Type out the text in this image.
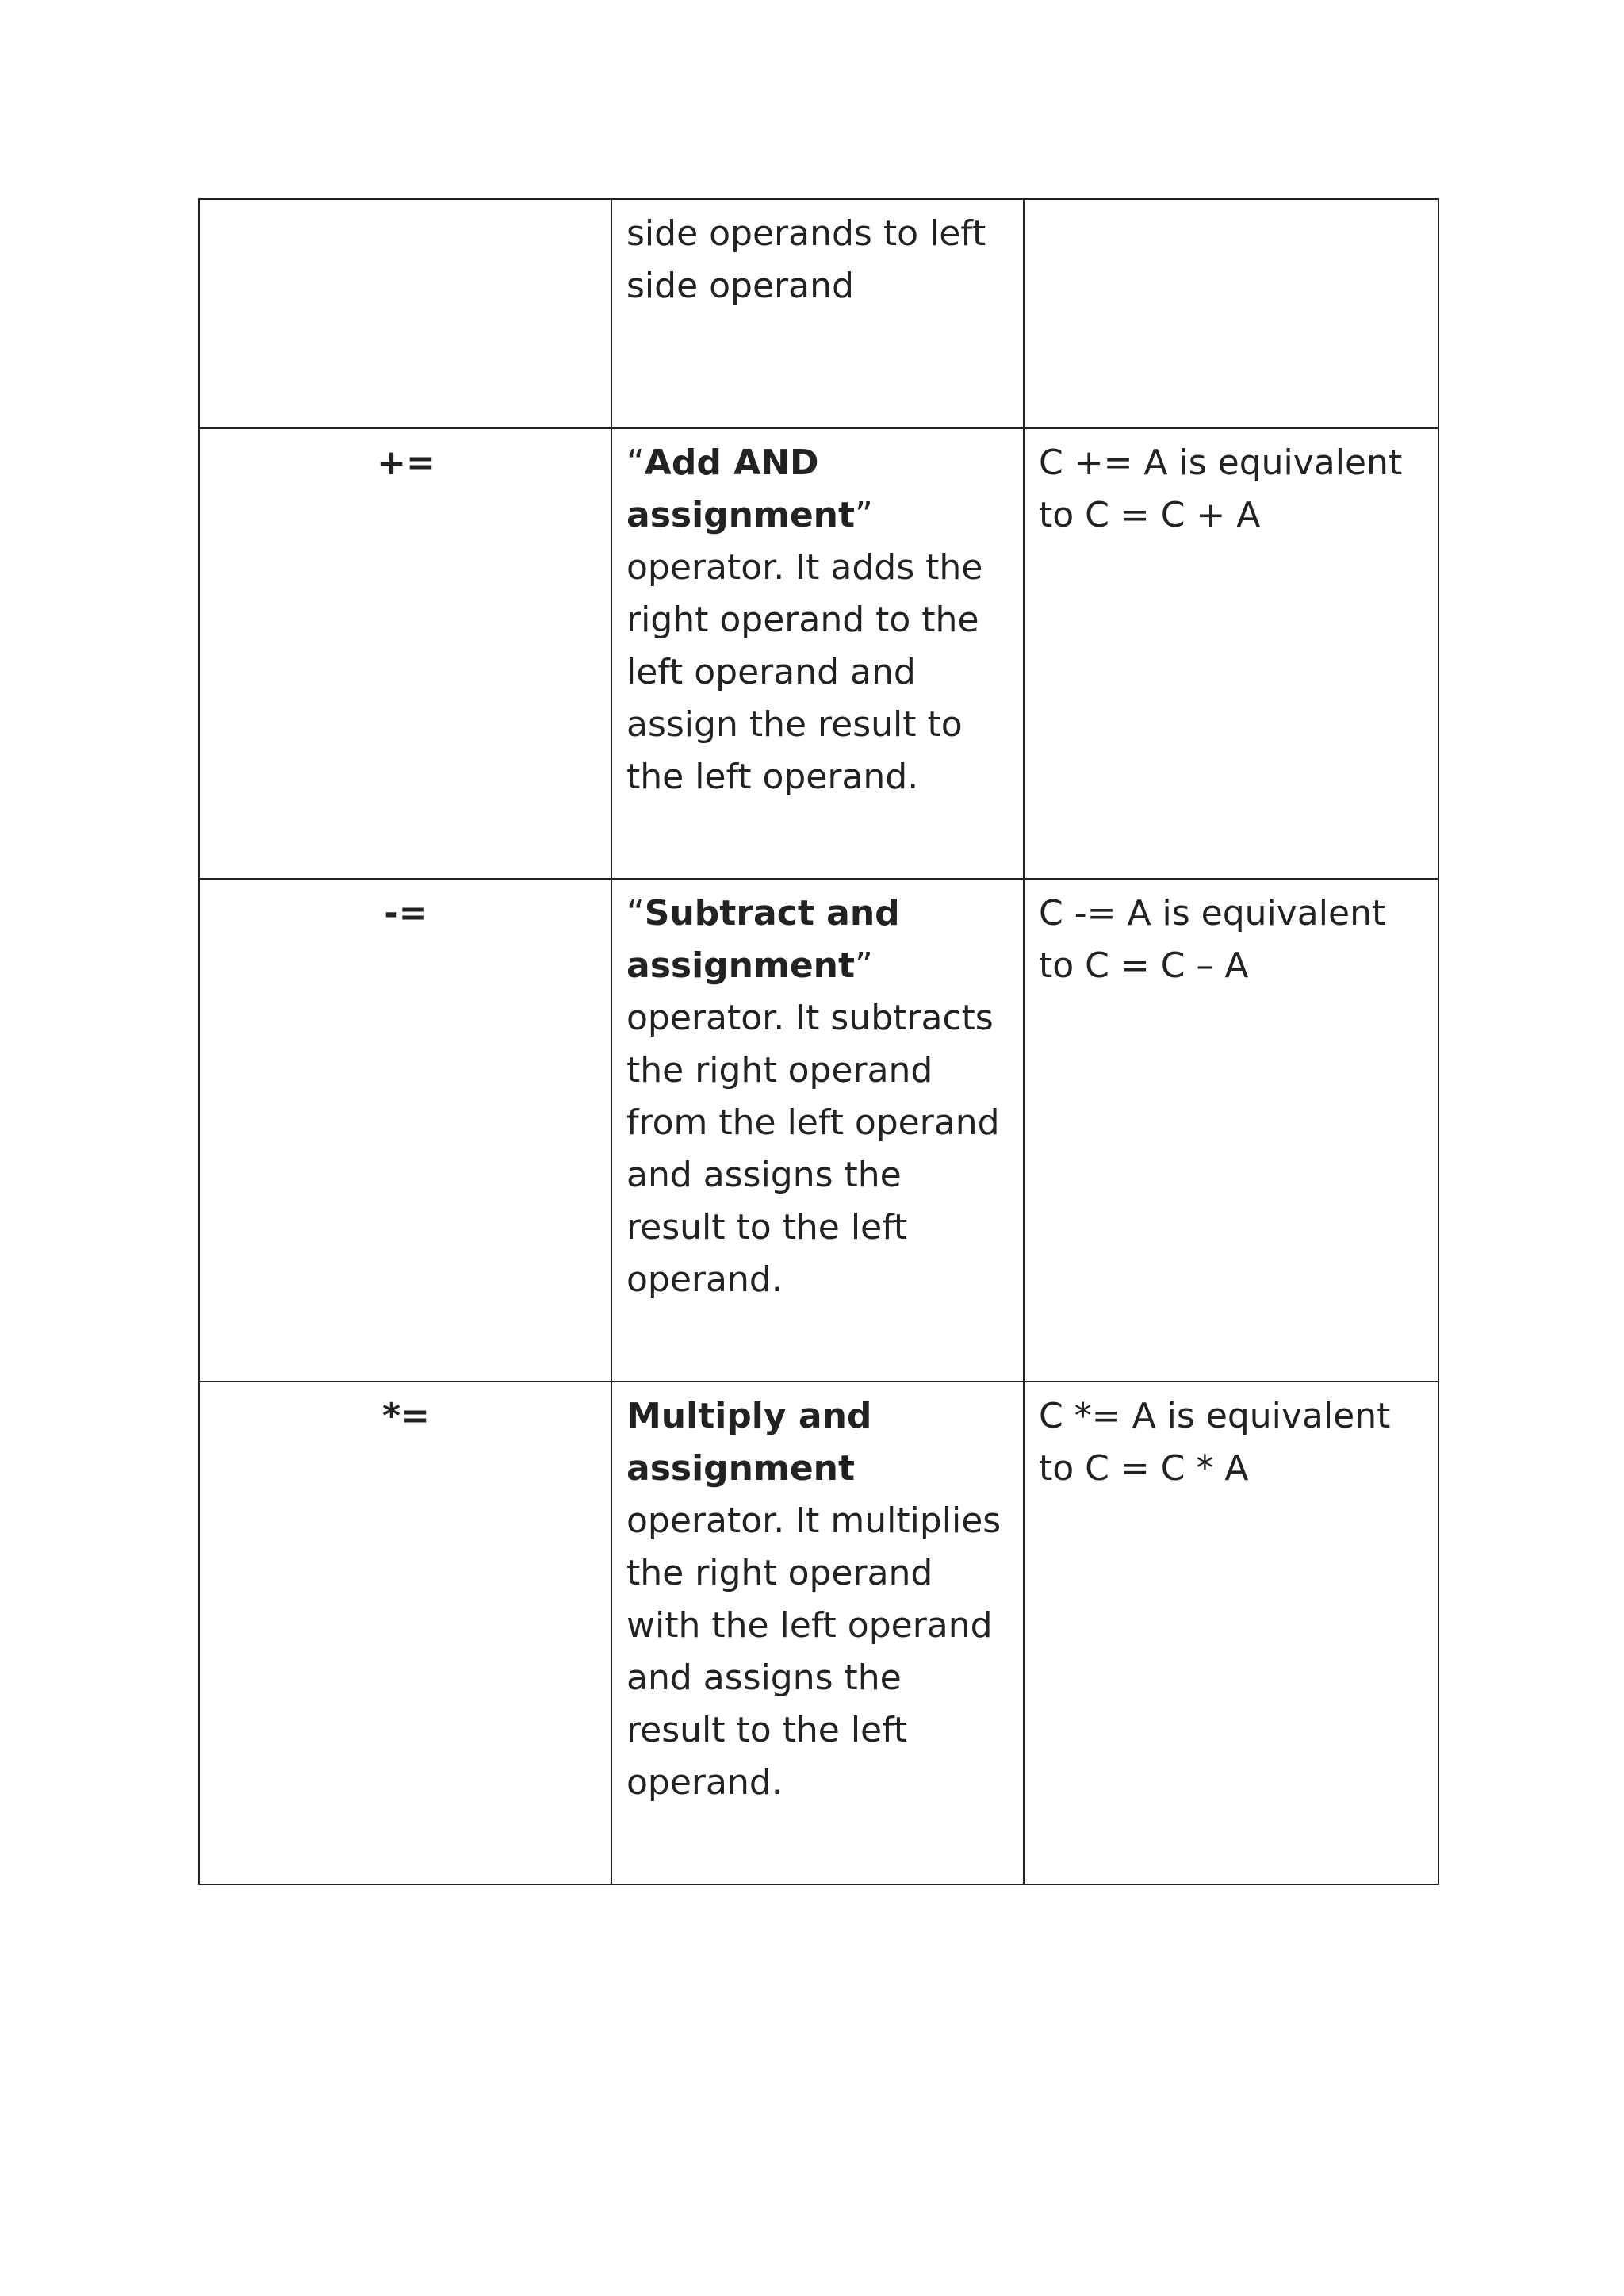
	side operands to left side operand	
+=	“Add AND assignment” operator. It adds the right operand to the left operand and assign the result to the left operand.	C += A is equivalent to C = C + A
-=	“Subtract and assignment” operator. It subtracts the right operand from the left operand and assigns the result to the left operand.	C -= A is equivalent to C = C – A
*=	Multiply and assignment operator. It multiplies the right operand with the left operand and assigns the result to the left operand.	C *= A is equivalent to C = C * A
